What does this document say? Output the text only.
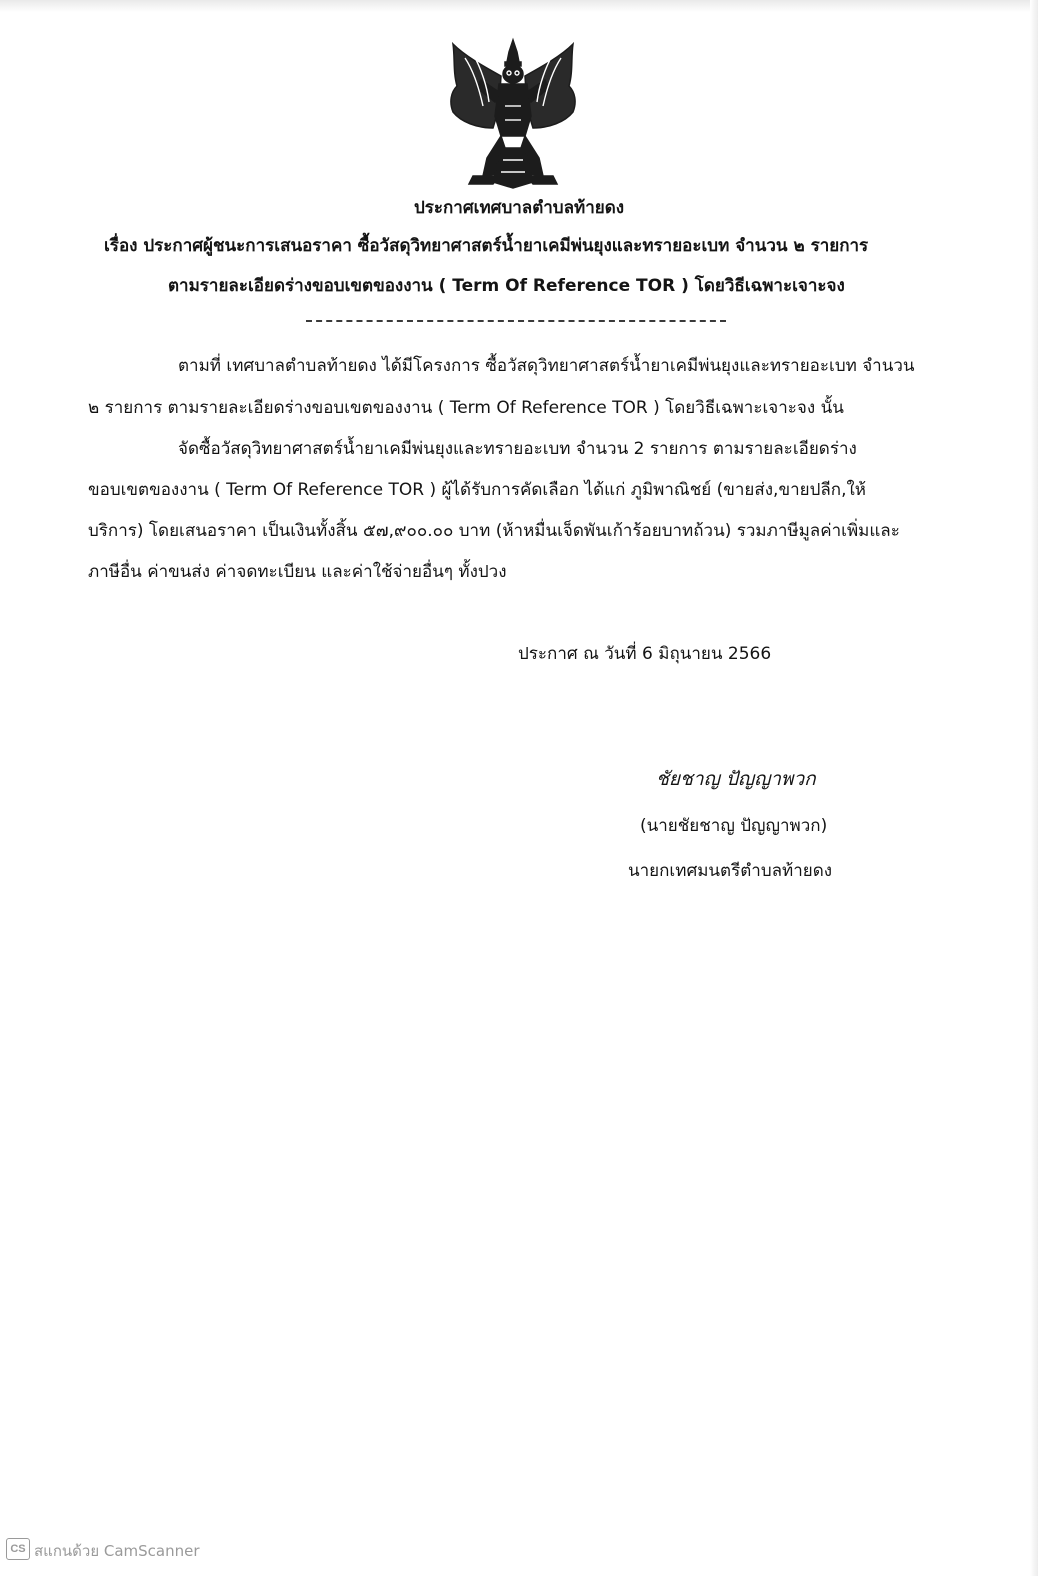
ประกาศเทศบาลตำบลท้ายดง
เรื่อง ประกาศผู้ชนะการเสนอราคา ซื้อวัสดุวิทยาศาสตร์น้ำยาเคมีพ่นยุงและทรายอะเบท จำนวน ๒ รายการ
ตามรายละเอียดร่างขอบเขตของงาน ( Term Of Reference TOR ) โดยวิธีเฉพาะเจาะจง
ตามที่ เทศบาลตำบลท้ายดง ได้มีโครงการ ซื้อวัสดุวิทยาศาสตร์น้ำยาเคมีพ่นยุงและทรายอะเบท จำนวน
๒ รายการ ตามรายละเอียดร่างขอบเขตของงาน ( Term Of Reference TOR ) โดยวิธีเฉพาะเจาะจง นั้น
จัดซื้อวัสดุวิทยาศาสตร์น้ำยาเคมีพ่นยุงและทรายอะเบท จำนวน 2 รายการ ตามรายละเอียดร่าง
ขอบเขตของงาน ( Term Of Reference TOR ) ผู้ได้รับการคัดเลือก ได้แก่ ภูมิพาณิชย์ (ขายส่ง,ขายปลีก,ให้
บริการ) โดยเสนอราคา เป็นเงินทั้งสิ้น ๕๗,๙๐๐.๐๐ บาท (ห้าหมื่นเจ็ดพันเก้าร้อยบาทถ้วน) รวมภาษีมูลค่าเพิ่มและ
ภาษีอื่น ค่าขนส่ง ค่าจดทะเบียน และค่าใช้จ่ายอื่นๆ ทั้งปวง
ประกาศ ณ วันที่ 6 มิถุนายน 2566
ชัยชาญ ปัญญาพวก
(นายชัยชาญ ปัญญาพวก)
นายกเทศมนตรีตำบลท้ายดง
CS สแกนด้วย CamScanner
